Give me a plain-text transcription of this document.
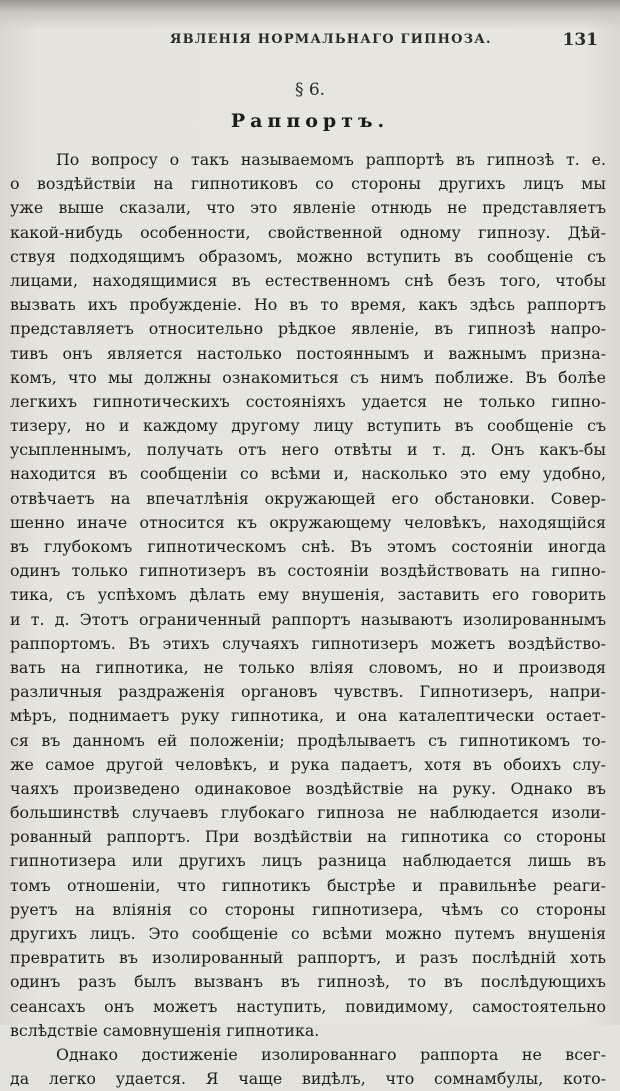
ЯВЛЕНІЯ НОРМАЛЬНАГО ГИПНОЗА.	131
§ 6.
Раппортъ.
По вопросу о такъ называемомъ раппортѣ въ гипнозѣ т. е.
о воздѣйствіи на гипнотиковъ со стороны другихъ лицъ мы
уже выше сказали, что это явленіе отнюдь не представляетъ
какой-нибудь особенности, свойственной одному гипнозу. Дѣй-
ствуя подходящимъ образомъ, можно вступить въ сообщеніе съ
лицами, находящимися въ естественномъ снѣ безъ того, чтобы
вызвать ихъ пробужденіе. Но въ то время, какъ здѣсь раппортъ
представляетъ относительно рѣдкое явленіе, въ гипнозѣ напро-
тивъ онъ является настолько постояннымъ и важнымъ призна-
комъ, что мы должны ознакомиться съ нимъ поближе. Въ болѣе
легкихъ гипнотическихъ состояніяхъ удается не только гипно-
тизеру, но и каждому другому лицу вступить въ сообщеніе съ
усыпленнымъ, получать отъ него отвѣты и т. д. Онъ какъ-бы
находится въ сообщеніи со всѣми и, насколько это ему удобно,
отвѣчаетъ на впечатлѣнія окружающей его обстановки. Совер-
шенно иначе относится къ окружающему человѣкъ, находящійся
въ глубокомъ гипнотическомъ снѣ. Въ этомъ состояніи иногда
одинъ только гипнотизеръ въ состояніи воздѣйствовать на гипно-
тика, съ успѣхомъ дѣлать ему внушенія, заставить его говорить
и т. д. Этотъ ограниченный раппортъ называютъ изолированнымъ
раппортомъ. Въ этихъ случаяхъ гипнотизеръ можетъ воздѣйство-
вать на гипнотика, не только вліяя словомъ, но и производя
различныя раздраженія органовъ чувствъ. Гипнотизеръ, напри-
мѣръ, поднимаетъ руку гипнотика, и она каталептически остает-
ся въ данномъ ей положеніи; продѣлываетъ съ гипнотикомъ то-
же самое другой человѣкъ, и рука падаетъ, хотя въ обоихъ слу-
чаяхъ произведено одинаковое воздѣйствіе на руку. Однако въ
большинствѣ случаевъ глубокаго гипноза не наблюдается изоли-
рованный раппортъ. При воздѣйствіи на гипнотика со стороны
гипнотизера или другихъ лицъ разница наблюдается лишь въ
томъ отношеніи, что гипнотикъ быстрѣе и правильнѣе реаги-
руетъ на вліянія со стороны гипнотизера, чѣмъ со стороны
другихъ лицъ. Это сообщеніе со всѣми можно путемъ внушенія
превратить въ изолированный раппортъ, и разъ послѣдній хоть
одинъ разъ былъ вызванъ въ гипнозѣ, то въ послѣдующихъ
сеансахъ онъ можетъ наступить, повидимому, самостоятельно
вслѣдствіе самовнушенія гипнотика.
Однако достиженіе изолированнаго раппорта не всег-
да легко удается. Я чаще видѣлъ, что сомнамбулы, кото-
